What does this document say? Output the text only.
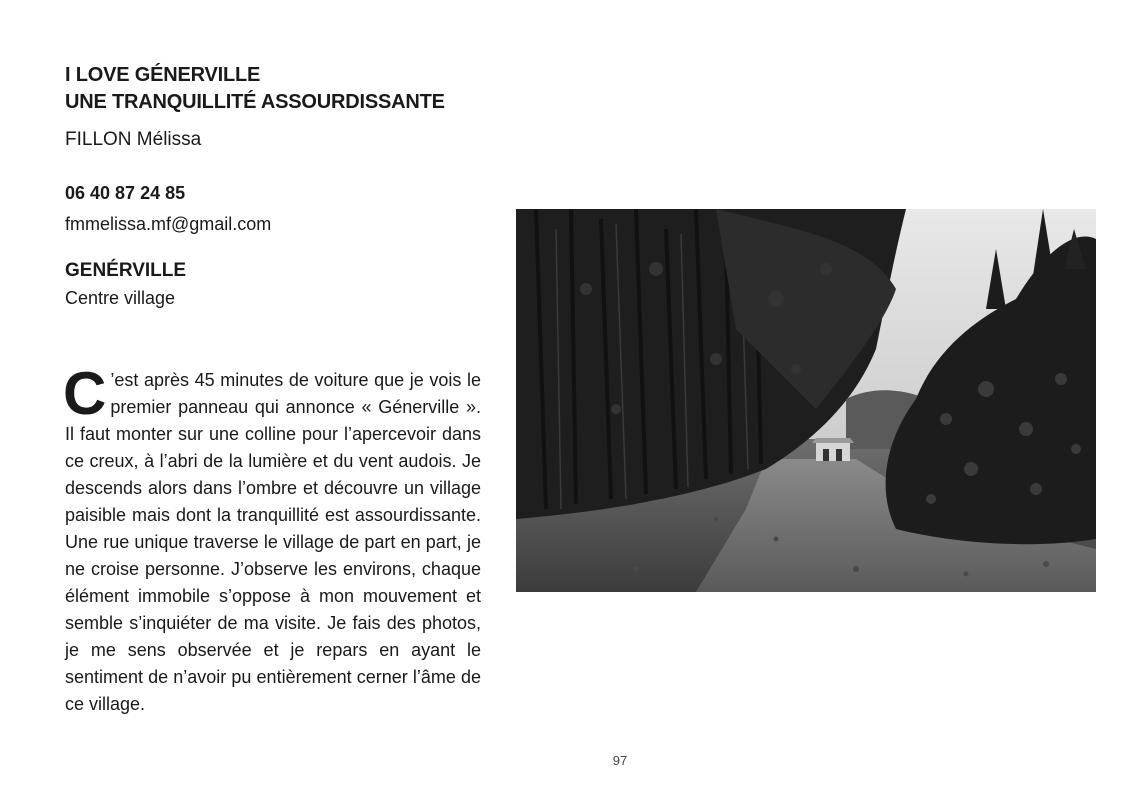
I LOVE GÉNERVILLE
UNE TRANQUILLITÉ ASSOURDISSANTE
FILLON Mélissa
06 40 87 24 85
fmmelissa.mf@gmail.com
GENÉRVILLE
Centre village
C ’est après 45 minutes de voiture que je vois le premier panneau qui annonce « Génerville ». Il faut monter sur une colline pour l’apercevoir dans ce creux, à l’abri de la lumière et du vent audois. Je descends alors dans l’ombre et découvre un village paisible mais dont la tranquillité est assourdissante. Une rue unique traverse le village de part en part, je ne croise personne. J’observe les environs, chaque élément immobile s’oppose à mon mouvement et semble s’inquiéter de ma visite. Je fais des photos, je me sens observée et je repars en ayant le sentiment de n’avoir pu entièrement cerner l’âme de ce village.
97
